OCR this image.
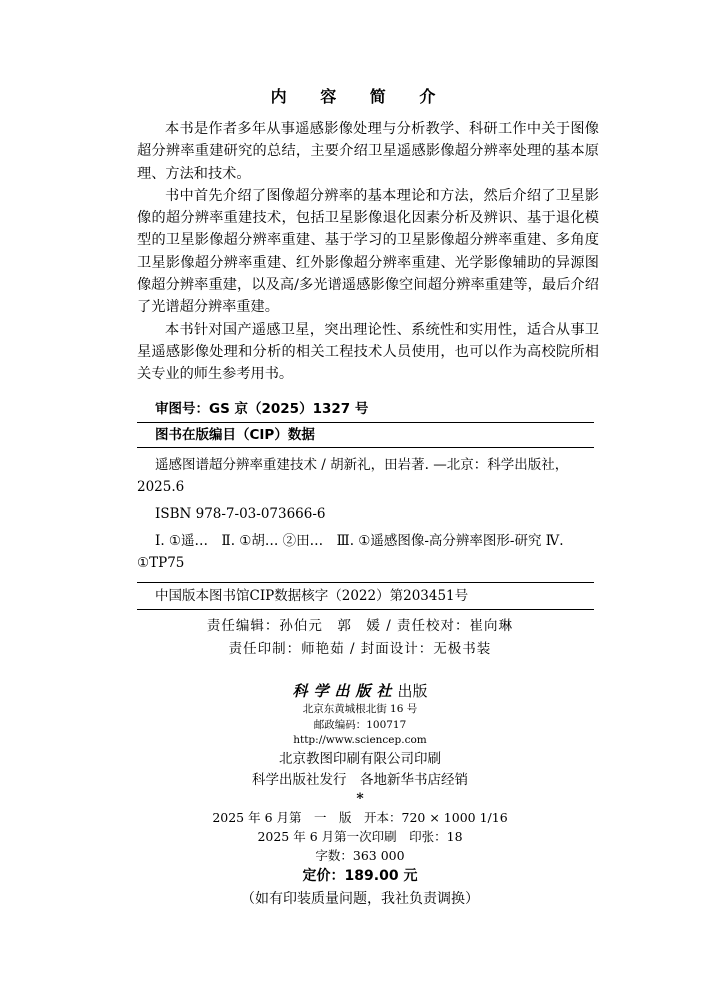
内 容 简 介

本书是作者多年从事遥感影像处理与分析教学、科研工作中关于图像超分辨率重建研究的总结，主要介绍卫星遥感影像超分辨率处理的基本原理、方法和技术。

书中首先介绍了图像超分辨率的基本理论和方法，然后介绍了卫星影像的超分辨率重建技术，包括卫星影像退化因素分析及辨识、基于退化模型的卫星影像超分辨率重建、基于学习的卫星影像超分辨率重建、多角度卫星影像超分辨率重建、红外影像超分辨率重建、光学影像辅助的异源图像超分辨率重建，以及高/多光谱遥感影像空间超分辨率重建等，最后介绍了光谱超分辨率重建。

本书针对国产遥感卫星，突出理论性、系统性和实用性，适合从事卫星遥感影像处理和分析的相关工程技术人员使用，也可以作为高校院所相关专业的师生参考用书。

审图号：GS 京（2025）1327 号
图书在版编目（CIP）数据

遥感图谱超分辨率重建技术 / 胡新礼，田岩著. —北京：科学出版社，2025.6

ISBN 978-7-03-073666-6

Ⅰ. ①遥…　Ⅱ. ①胡… ②田…　Ⅲ. ①遥感图像-高分辨率图形-研究 Ⅳ. ①TP75

中国版本图书馆CIP数据核字（2022）第203451号
责任编辑：孙伯元　郭　媛 / 责任校对：崔向琳
责任印制：师艳茹 / 封面设计：无极书装
科学出版社出版
北京东黄城根北街 16 号
邮政编码：100717
http://www.sciencep.com
北京教图印刷有限公司印刷
科学出版社发行　各地新华书店经销
*
2025 年 6 月第　一　版　开本：720 × 1000 1/16
2025 年 6 月第一次印刷　印张：18
字数：363 000
定价：189.00 元
（如有印装质量问题，我社负责调换）
